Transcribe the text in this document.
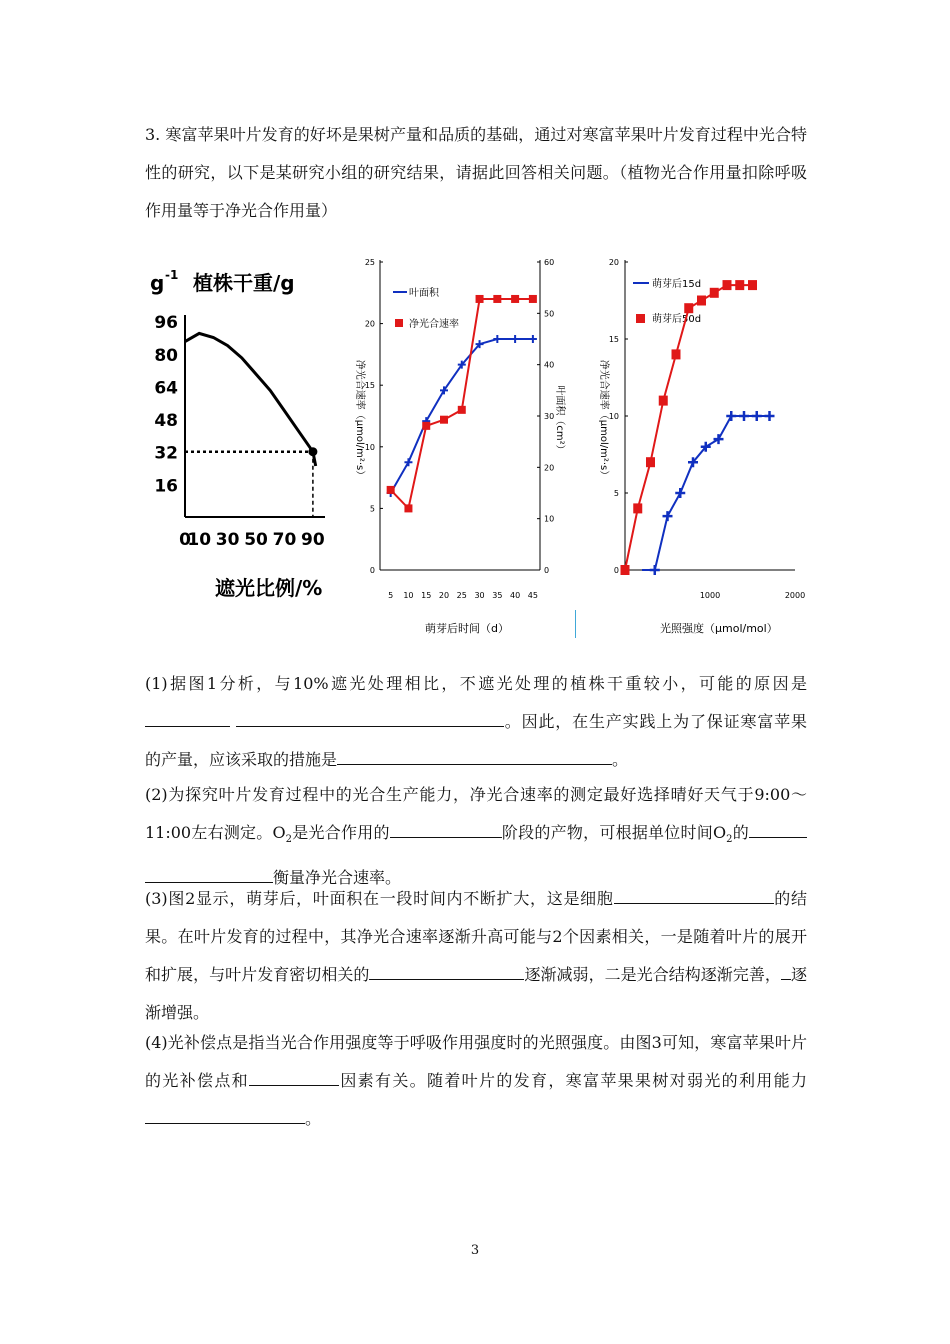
3. 寒富苹果叶片发育的好坏是果树产量和品质的基础，通过对寒富苹果叶片发育过程中光合特性的研究，以下是某研究小组的研究结果，请据此回答相关问题。（植物光合作用量扣除呼吸作用量等于净光合作用量）
g -1 植株干重/g
96
80
64
48
32
16
0
10 30 50 70 90
遮光比例/%
0
5
10
15
20
25
0
10
20
30
40
50
60
5 10 15 20 25 30 35 40 45
净光合速率（μmol/m²·s）	叶面积（cm²）
叶面积
净光合速率
萌芽后时间（d）
0
5
10
15
20
1000	2000
净光合速率（μmol/m²·s）
萌芽后15d
萌芽后50d
光照强度（μmol/mol）
(1)据图1分析，与10%遮光处理相比，不遮光处理的植株干重较小，可能的原因是 。因此，在生产实践上为了保证寒富苹果的产量，应该采取的措施是	。
(2)为探究叶片发育过程中的光合生产能力，净光合速率的测定最好选择晴好天气于9:00～11:00左右测定。$O_2$是光合作用的	阶段的产物，可根据单位时间$O_2$的 衡量净光合速率。
(3)图2显示，萌芽后，叶面积在一段时间内不断扩大，这是细胞	的结果。在叶片发育的过程中，其净光合速率逐渐升高可能与2个因素相关，一是随着叶片的展开和扩展，与叶片发育密切相关的	逐渐减弱，二是光合结构逐渐完善， 逐渐增强。
(4)光补偿点是指当光合作用强度等于呼吸作用强度时的光照强度。由图3可知，寒富苹果叶片的光补偿点和	因素有关。随着叶片的发育，寒富苹果果树对弱光的利用能力。
3
